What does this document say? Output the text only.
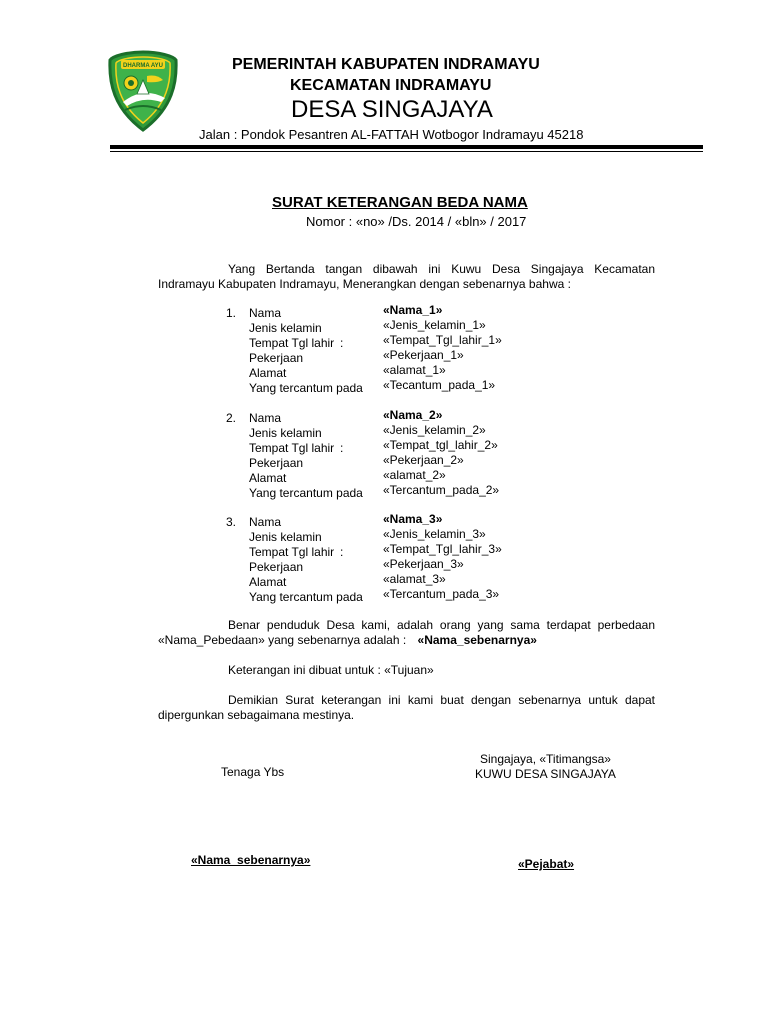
DHARMA AYU	PEMERINTAH KABUPATEN INDRAMAYU
KECAMATAN INDRAMAYU
DESA SINGAJAYA
Jalan : Pondok Pesantren AL-FATTAH Wotbogor Indramayu 45218
SURAT KETERANGAN BEDA NAMA
Nomor : «no» /Ds. 2014 / «bln» / 2017
Yang Bertanda tangan dibawah ini Kuwu Desa Singajaya Kecamatan
Indramayu Kabupaten Indramayu, Menerangkan dengan sebenarnya bahwa :
1. Nama
Jenis kelamin
Tempat Tgl lahir :
Pekerjaan
Alamat
Yang tercantum pada
«Nama_1»
«Jenis_kelamin_1»
«Tempat_Tgl_lahir_1»
«Pekerjaan_1»
«alamat_1»
«Tecantum_pada_1»
2. Nama
Jenis kelamin
Tempat Tgl lahir :
Pekerjaan
Alamat
Yang tercantum pada
«Nama_2»
«Jenis_kelamin_2»
«Tempat_tgl_lahir_2»
«Pekerjaan_2»
«alamat_2»
«Tercantum_pada_2»
3. Nama
Jenis kelamin
Tempat Tgl lahir :
Pekerjaan
Alamat
Yang tercantum pada
«Nama_3»
«Jenis_kelamin_3»
«Tempat_Tgl_lahir_3»
«Pekerjaan_3»
«alamat_3»
«Tercantum_pada_3»
Benar penduduk Desa kami, adalah orang yang sama terdapat perbedaan
«Nama_Pebedaan» yang sebenarnya adalah : «Nama_sebenarnya»
Keterangan ini dibuat untuk : «Tujuan»
Demikian Surat keterangan ini kami buat dengan sebenarnya untuk dapat
dipergunkan sebagaimana mestinya.
Singajaya, «Titimangsa»
KUWU DESA SINGAJAYA
Tenaga Ybs
«Nama_sebenarnya»	«Pejabat»
